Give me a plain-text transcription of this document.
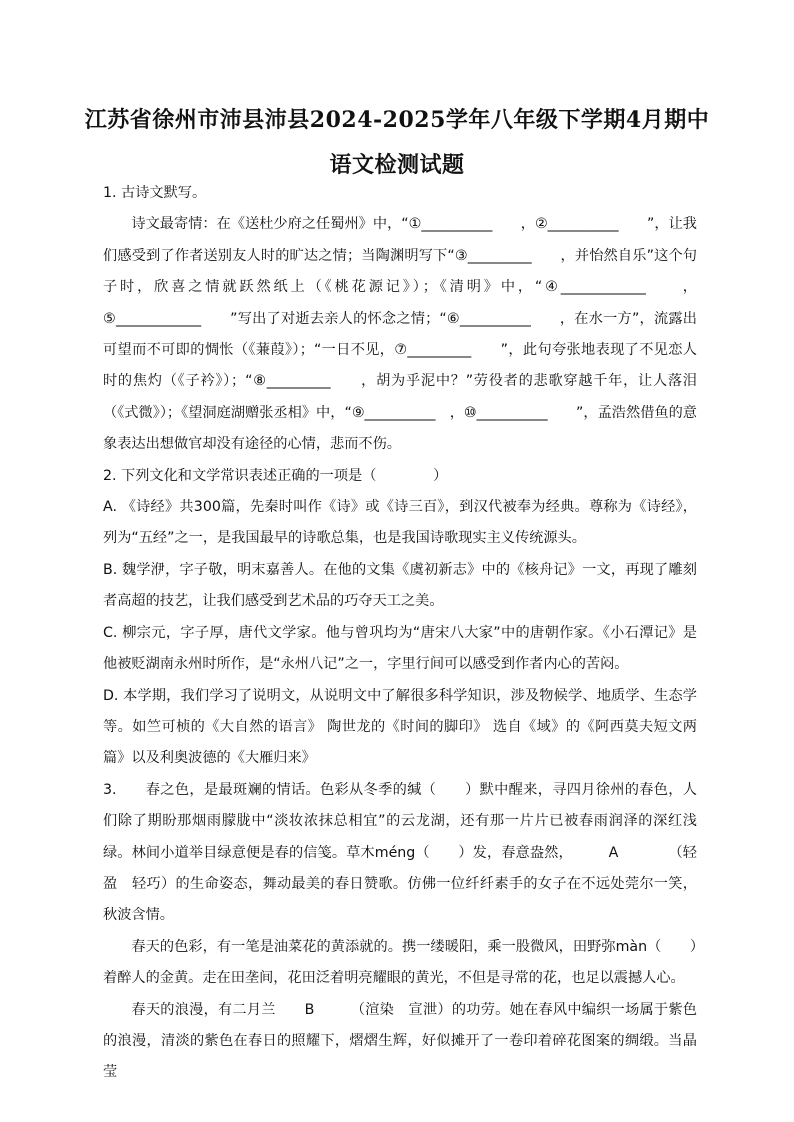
江苏省徐州市沛县沛县2024-2025学年八年级下学期4月期中
语文检测试题

1. 古诗文默写。

诗文最寄情：在《送杜少府之任蜀州》中，“①__________　　，②__________　　”，让我们感受到了作者送别友人时的旷达之情；当陶渊明写下“③_________　　，并怡然自乐”这个句子时，欣喜之情就跃然纸上（《桃花源记》）；《清明》中，“④____________　　，⑤____________　　”写出了对逝去亲人的怀念之情；“⑥__________　　，在水一方”，流露出可望而不可即的惆怅（《蒹葭》）；“一日不见，⑦_________　　”，此句夸张地表现了不见恋人时的焦灼（《子衿》）；“⑧_________　　，胡为乎泥中？”劳役者的悲歌穿越千年，让人落泪（《式微》）；《望洞庭湖赠张丞相》中，“⑨__________　，⑩__________　　”，孟浩然借鱼的意象表达出想做官却没有途径的心情，悲而不伤。

2. 下列文化和文学常识表述正确的一项是（　　　　）

A. 《诗经》共300篇，先秦时叫作《诗》或《诗三百》，到汉代被奉为经典。尊称为《诗经》，列为“五经”之一，是我国最早的诗歌总集，也是我国诗歌现实主义传统源头。

B. 魏学洢，字子敬，明末嘉善人。在他的文集《虞初新志》中的《核舟记》一文，再现了雕刻者高超的技艺，让我们感受到艺术品的巧夺天工之美。

C. 柳宗元，字子厚，唐代文学家。他与曾巩均为“唐宋八大家”中的唐朝作家。《小石潭记》是他被贬湖南永州时所作，是“永州八记”之一，字里行间可以感受到作者内心的苦闷。

D. 本学期，我们学习了说明文，从说明文中了解很多科学知识，涉及物候学、地质学、生态学等。如竺可桢的《大自然的语言》 陶世龙的《时间的脚印》 选自《域》的《阿西莫夫短文两篇》以及利奥波德的《大雁归来》

3.　　春之色，是最斑斓的情话。色彩从冬季的缄（　　）默中醒来，寻四月徐州的春色，人们除了期盼那烟雨朦胧中“淡妆浓抹总相宜”的云龙湖，还有那一片片已被春雨润泽的深红浅绿。林间小道举目绿意便是春的信笺。草木méng（　　）发，春意盎然，　　　A　　　　（轻盈　轻巧）的生命姿态，舞动最美的春日赞歌。仿佛一位纤纤素手的女子在不远处莞尔一笑，秋波含情。

春天的色彩，有一笔是油菜花的黄添就的。携一缕暖阳，乘一股微风，田野弥màn（　　）着醉人的金黄。走在田垄间，花田泛着明亮耀眼的黄光，不但是寻常的花，也足以震撼人心。

春天的浪漫，有二月兰　　B　　　（渲染　宣泄）的功劳。她在春风中编织一场属于紫色的浪漫，清淡的紫色在春日的照耀下，熠熠生辉，好似摊开了一卷印着碎花图案的绸缎。当晶莹
